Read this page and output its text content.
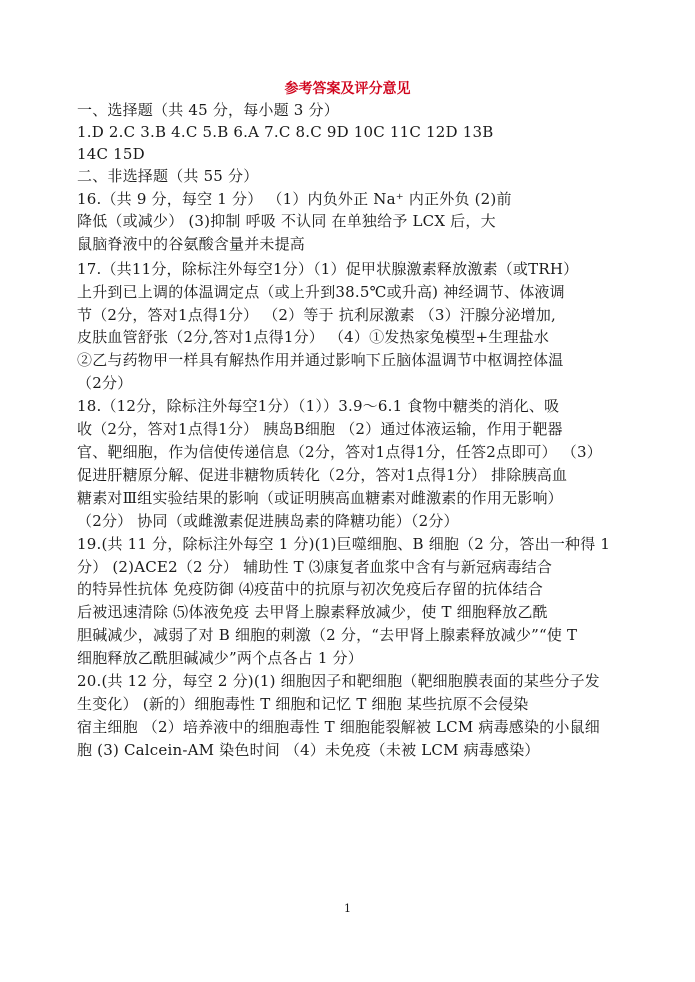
参考答案及评分意见
一、选择题（共 45 分，每小题 3 分）
1.D 2.C 3.B 4.C 5.B 6.A 7.C 8.C 9D 10C 11C 12D 13B
14C 15D
二、非选择题（共 55 分）
16.（共 9 分，每空 1 分） （1）内负外正 Na⁺ 内正外负 (2)前
降低（或减少） (3)抑制 呼吸 不认同 在单独给予 LCX 后，大
鼠脑脊液中的谷氨酸含量并未提高
17.（共11分，除标注外每空1分）（1）促甲状腺激素释放激素（或TRH）
上升到已上调的体温调定点（或上升到38.5℃或升高) 神经调节、体液调
节（2分，答对1点得1分） （2）等于 抗利尿激素 （3）汗腺分泌增加,
皮肤血管舒张（2分,答对1点得1分） （4）①发热家兔模型+生理盐水
②乙与药物甲一样具有解热作用并通过影响下丘脑体温调节中枢调控体温
（2分）
18.（12分，除标注外每空1分）（1））3.9～6.1 食物中糖类的消化、吸
收（2分，答对1点得1分） 胰岛B细胞 （2）通过体液运输，作用于靶器
官、靶细胞，作为信使传递信息（2分，答对1点得1分，任答2点即可） （3）
促进肝糖原分解、促进非糖物质转化（2分，答对1点得1分） 排除胰高血
糖素对Ⅲ组实验结果的影响（或证明胰高血糖素对雌激素的作用无影响）
（2分） 协同（或雌激素促进胰岛素的降糖功能）（2分）
19.(共 11 分，除标注外每空 1 分)(1)巨噬细胞、B 细胞（2 分，答出一种得 1
分） (2)ACE2（2 分） 辅助性 T ⑶康复者血浆中含有与新冠病毒结合
的特异性抗体 免疫防御 ⑷疫苗中的抗原与初次免疫后存留的抗体结合
后被迅速清除 ⑸体液免疫 去甲肾上腺素释放减少，使 T 细胞释放乙酰
胆碱减少，减弱了对 B 细胞的刺激（2 分，“去甲肾上腺素释放减少”“使 T
细胞释放乙酰胆碱减少”两个点各占 1 分）
20.(共 12 分，每空 2 分)(1) 细胞因子和靶细胞（靶细胞膜表面的某些分子发
生变化） (新的）细胞毒性 T 细胞和记忆 T 细胞 某些抗原不会侵染
宿主细胞 （2）培养液中的细胞毒性 T 细胞能裂解被 LCM 病毒感染的小鼠细
胞 (3) Calcein-AM 染色时间 （4）未免疫（未被 LCM 病毒感染）
1
